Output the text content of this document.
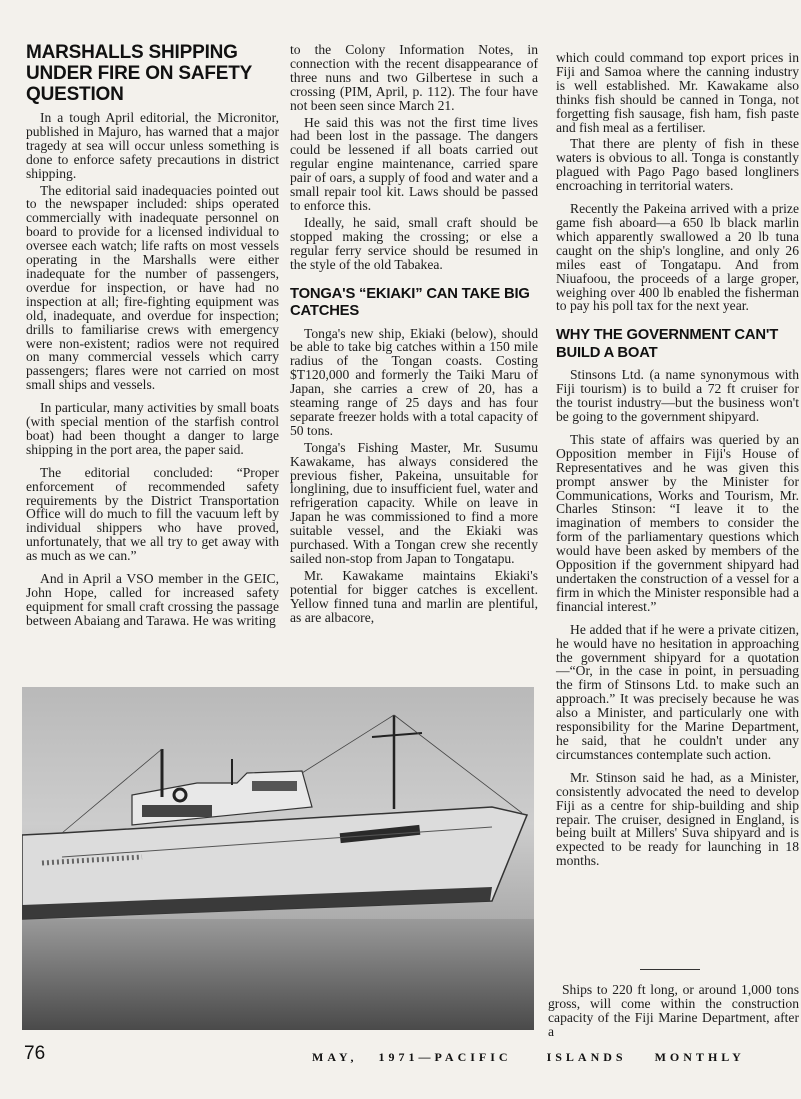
MARSHALLS SHIPPING UNDER FIRE ON SAFETY QUESTION

In a tough April editorial, the Micronitor, published in Majuro, has warned that a major tragedy at sea will occur unless something is done to enforce safety precautions in district shipping.

The editorial said inadequacies pointed out to the newspaper included: ships operated commercially with inadequate personnel on board to provide for a licensed individual to oversee each watch; life rafts on most vessels operating in the Marshalls were either inadequate for the number of passengers, overdue for inspection, or have had no inspection at all; fire-fighting equipment was old, inadequate, and overdue for inspection; drills to familiarise crews with emergency were non-existent; radios were not required on many commercial vessels which carry passengers; flares were not carried on most small ships and vessels.

In particular, many activities by small boats (with special mention of the starfish control boat) had been thought a danger to large shipping in the port area, the paper said.

The editorial concluded: “Proper enforcement of recommended safety requirements by the District Transportation Office will do much to fill the vacuum left by individual shippers who have proved, unfortunately, that we all try to get away with as much as we can.”

And in April a VSO member in the GEIC, John Hope, called for increased safety equipment for small craft crossing the passage between Abaiang and Tarawa. He was writing

to the Colony Information Notes, in connection with the recent disappearance of three nuns and two Gilbertese in such a crossing (PIM, April, p. 112). The four have not been seen since March 21.

He said this was not the first time lives had been lost in the passage. The dangers could be lessened if all boats carried out regular engine maintenance, carried spare pair of oars, a supply of food and water and a small repair tool kit. Laws should be passed to enforce this.

Ideally, he said, small craft should be stopped making the crossing; or else a regular ferry service should be resumed in the style of the old Tabakea.

TONGA'S “EKIAKI” CAN TAKE BIG CATCHES

Tonga's new ship, Ekiaki (below), should be able to take big catches within a 150 mile radius of the Tongan coasts. Costing $T120,000 and formerly the Taiki Maru of Japan, she carries a crew of 20, has a steaming range of 25 days and has four separate freezer holds with a total capacity of 50 tons.

Tonga's Fishing Master, Mr. Susumu Kawakame, has always considered the previous fisher, Pakeina, unsuitable for longlining, due to insufficient fuel, water and refrigeration capacity. While on leave in Japan he was commissioned to find a more suitable vessel, and the Ekiaki was purchased. With a Tongan crew she recently sailed non-stop from Japan to Tongatapu.

Mr. Kawakame maintains Ekiaki's potential for bigger catches is excellent. Yellow finned tuna and marlin are plentiful, as are albacore,

which could command top export prices in Fiji and Samoa where the canning industry is well established. Mr. Kawakame also thinks fish should be canned in Tonga, not forgetting fish sausage, fish ham, fish paste and fish meal as a fertiliser.

That there are plenty of fish in these waters is obvious to all. Tonga is constantly plagued with Pago Pago based longliners encroaching in territorial waters.

Recently the Pakeina arrived with a prize game fish aboard—a 650 lb black marlin which apparently swallowed a 20 lb tuna caught on the ship's longline, and only 26 miles east of Tongatapu. And from Niuafoou, the proceeds of a large groper, weighing over 400 lb enabled the fisherman to pay his poll tax for the next year.

WHY THE GOVERNMENT CAN'T BUILD A BOAT

Stinsons Ltd. (a name synonymous with Fiji tourism) is to build a 72 ft cruiser for the tourist industry—but the business won't be going to the government shipyard.

This state of affairs was queried by an Opposition member in Fiji's House of Representatives and he was given this prompt answer by the Minister for Communications, Works and Tourism, Mr. Charles Stinson: “I leave it to the imagination of members to consider the form of the parliamentary questions which would have been asked by members of the Opposition if the government shipyard had undertaken the construction of a vessel for a firm in which the Minister responsible had a financial interest.”

He added that if he were a private citizen, he would have no hesitation in approaching the government shipyard for a quotation—“Or, in the case in point, in persuading the firm of Stinsons Ltd. to make such an approach.” It was precisely because he was also a Minister, and particularly one with responsibility for the Marine Department, he said, that he couldn't under any circumstances contemplate such action.

Mr. Stinson said he had, as a Minister, consistently advocated the need to develop Fiji as a centre for ship-building and ship repair. The cruiser, designed in England, is being built at Millers' Suva shipyard and is expected to be ready for launching in 18 months.

Ships to 220 ft long, or around 1,000 tons gross, will come within the construction capacity of the Fiji Marine Department, after a

76	MAY, 1971—PACIFIC	ISLANDS MONTHLY
